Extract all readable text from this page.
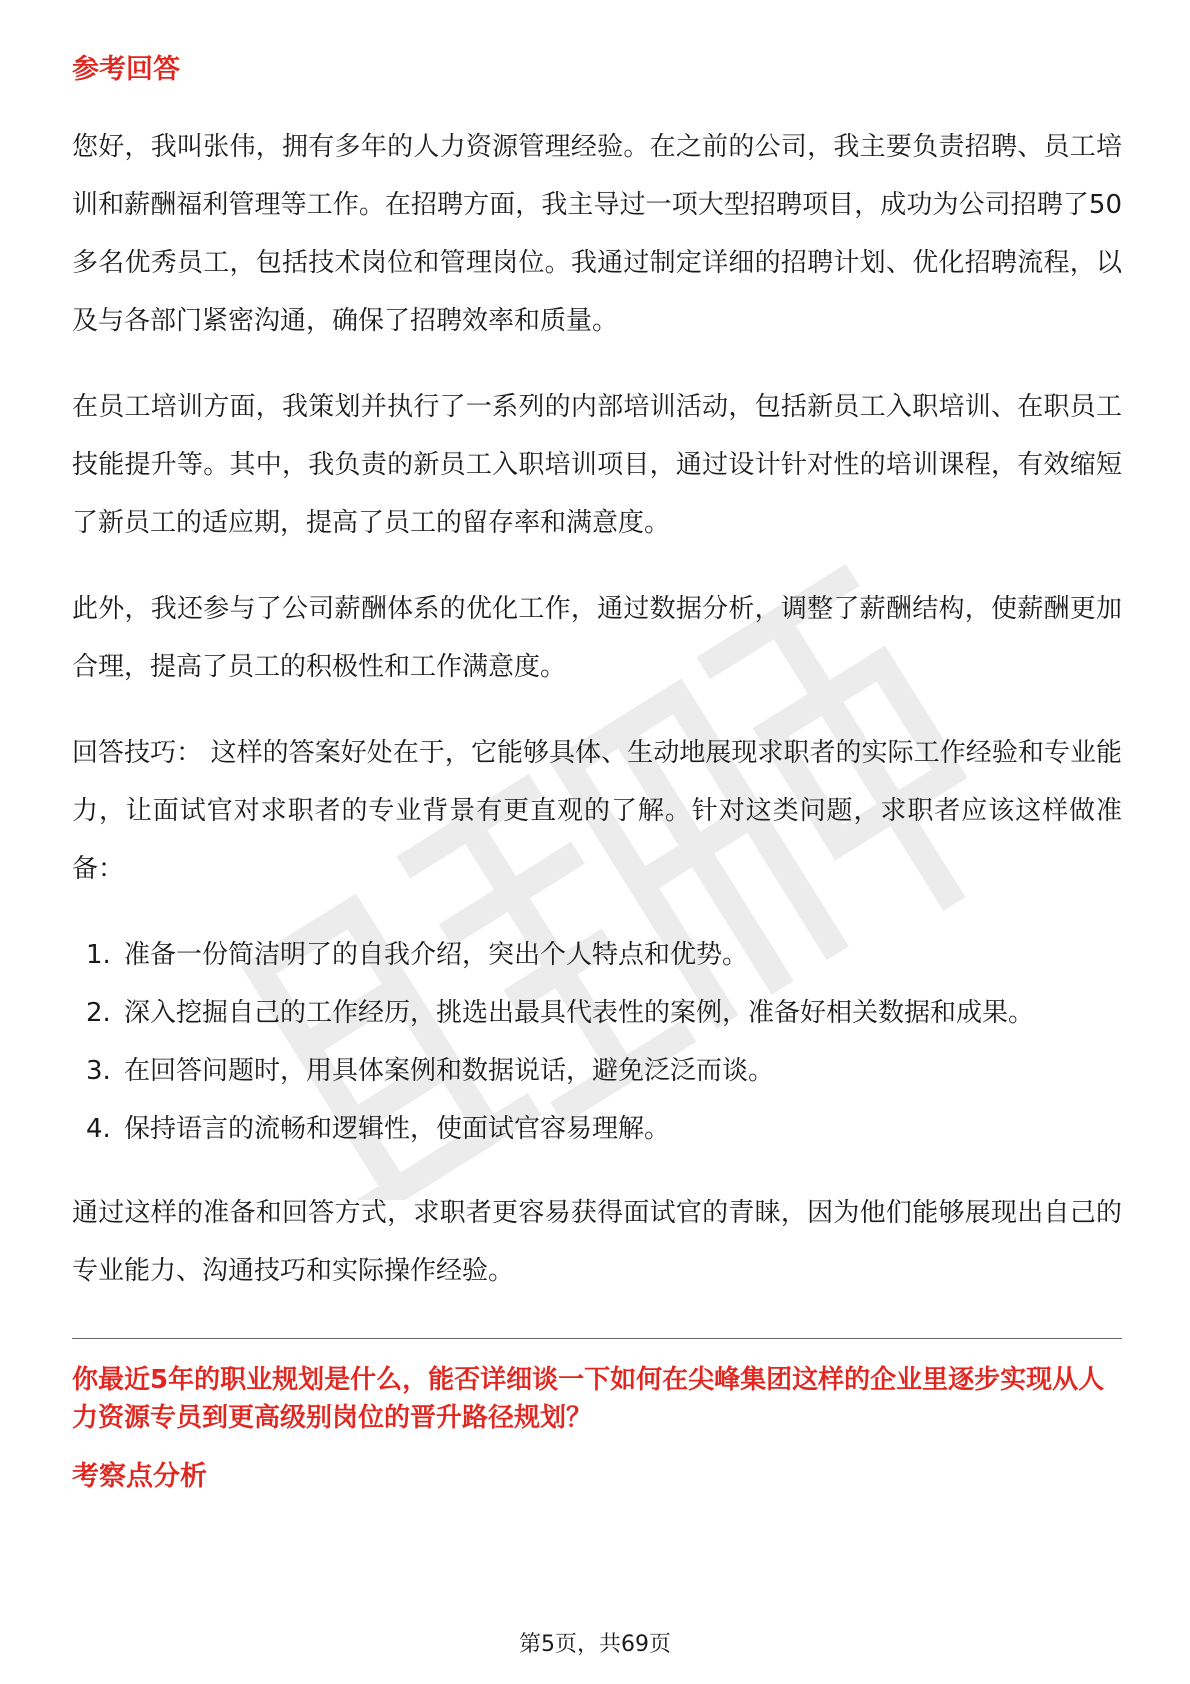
参考回答

您好，我叫张伟，拥有多年的人力资源管理经验。在之前的公司，我主要负责招聘、员工培训和薪酬福利管理等工作。在招聘方面，我主导过一项大型招聘项目，成功为公司招聘了50多名优秀员工，包括技术岗位和管理岗位。我通过制定详细的招聘计划、优化招聘流程，以及与各部门紧密沟通，确保了招聘效率和质量。

在员工培训方面，我策划并执行了一系列的内部培训活动，包括新员工入职培训、在职员工技能提升等。其中，我负责的新员工入职培训项目，通过设计针对性的培训课程，有效缩短了新员工的适应期，提高了员工的留存率和满意度。

此外，我还参与了公司薪酬体系的优化工作，通过数据分析，调整了薪酬结构，使薪酬更加合理，提高了员工的积极性和工作满意度。

回答技巧： 这样的答案好处在于，它能够具体、生动地展现求职者的实际工作经验和专业能力，让面试官对求职者的专业背景有更直观的了解。针对这类问题，求职者应该这样做准备：

1. 准备一份简洁明了的自我介绍，突出个人特点和优势。
2. 深入挖掘自己的工作经历，挑选出最具代表性的案例，准备好相关数据和成果。
3. 在回答问题时，用具体案例和数据说话，避免泛泛而谈。
4. 保持语言的流畅和逻辑性，使面试官容易理解。

通过这样的准备和回答方式，求职者更容易获得面试官的青睐，因为他们能够展现出自己的专业能力、沟通技巧和实际操作经验。

你最近5年的职业规划是什么，能否详细谈一下如何在尖峰集团这样的企业里逐步实现从人力资源专员到更高级别岗位的晋升路径规划？
考察点分析
第5页，共69页
